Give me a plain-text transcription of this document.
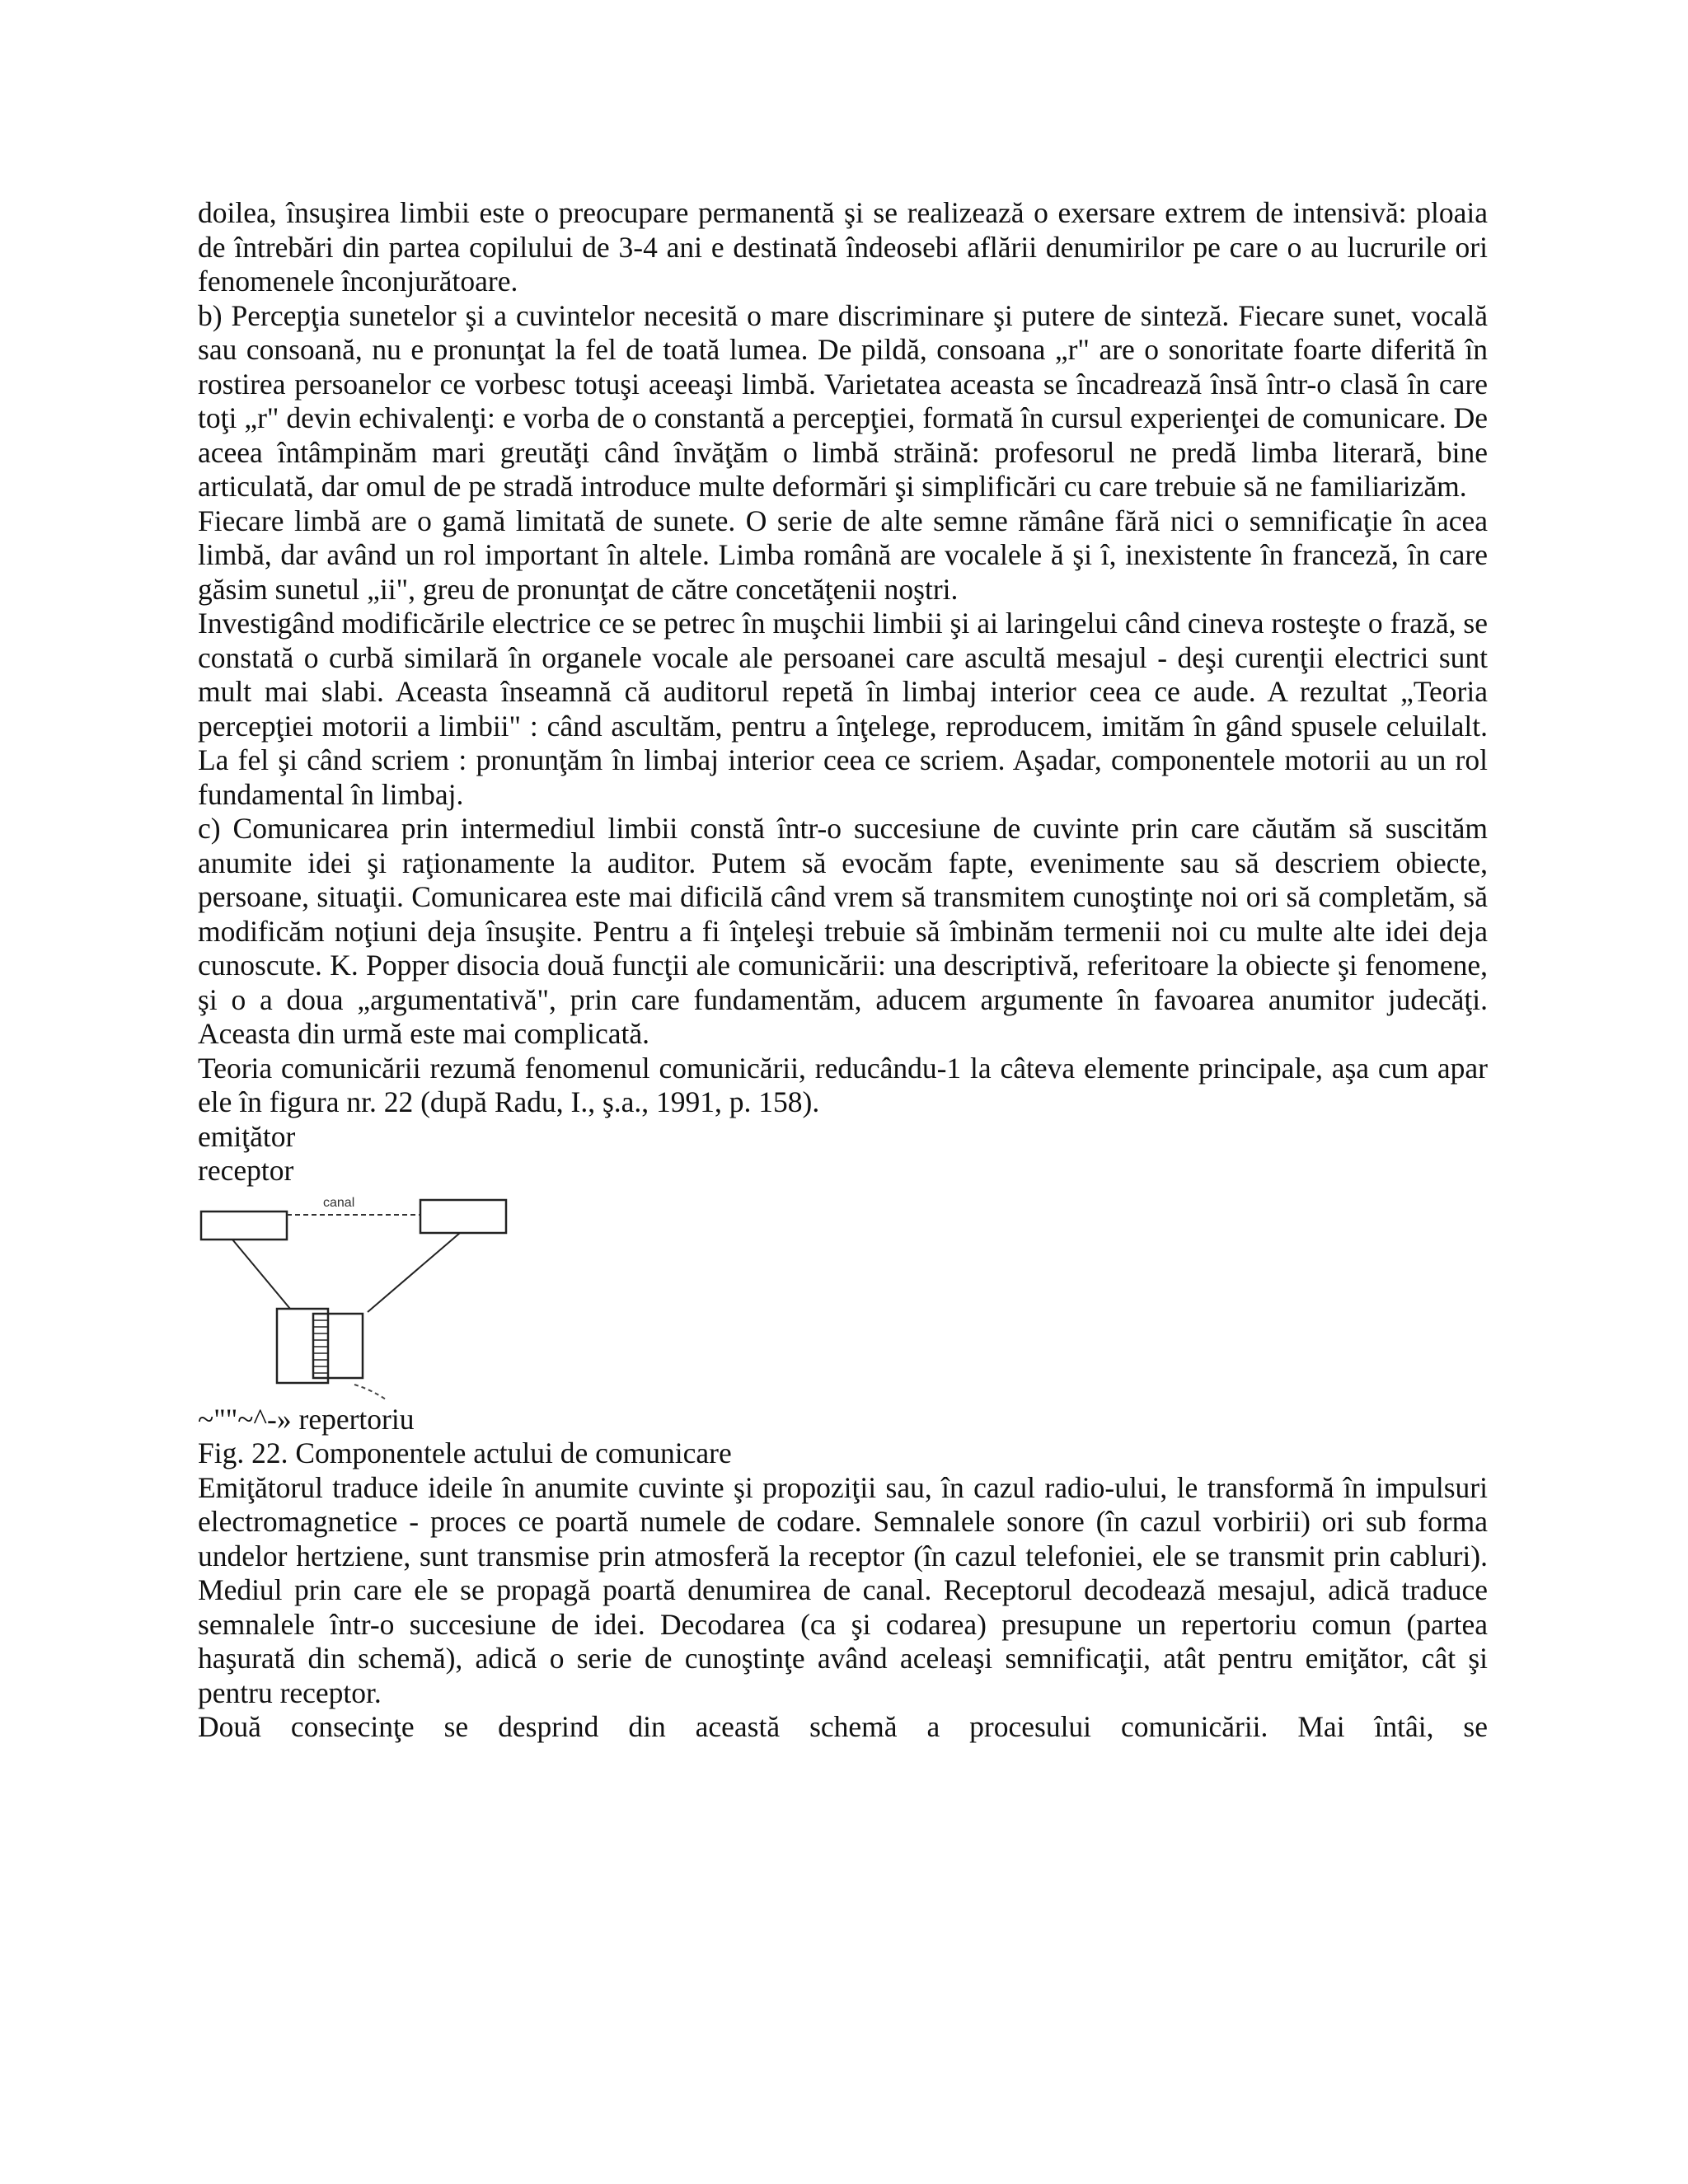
doilea, însuşirea limbii este o preocupare permanentă şi se realizează o exersare extrem de intensivă: ploaia de întrebări din partea copilului de 3-4 ani e destinată îndeosebi aflării denumirilor pe care o au lucrurile ori fenomenele înconjurătoare.

b) Percepţia sunetelor şi a cuvintelor necesită o mare discriminare şi putere de sinteză. Fiecare sunet, vocală sau consoană, nu e pronunţat la fel de toată lumea. De pildă, consoana „r" are o sonoritate foarte diferită în rostirea persoanelor ce vorbesc totuşi aceeaşi limbă. Varietatea aceasta se încadrează însă într-o clasă în care toţi „r" devin echivalenţi: e vorba de o constantă a percepţiei, formată în cursul experienţei de comunicare. De aceea întâmpinăm mari greutăţi când învăţăm o limbă străină: profesorul ne predă limba literară, bine articulată, dar omul de pe stradă introduce multe deformări şi simplificări cu care trebuie să ne familiarizăm.

Fiecare limbă are o gamă limitată de sunete. O serie de alte semne rămâne fără nici o semnificaţie în acea limbă, dar având un rol important în altele. Limba română are vocalele ă şi î, inexistente în franceză, în care găsim sunetul „ii", greu de pronunţat de către concetăţenii noştri.

Investigând modificările electrice ce se petrec în muşchii limbii şi ai laringelui când cineva rosteşte o frază, se constată o curbă similară în organele vocale ale persoanei care ascultă mesajul - deşi curenţii electrici sunt mult mai slabi. Aceasta înseamnă că auditorul repetă în limbaj interior ceea ce aude. A rezultat „Teoria percepţiei motorii a limbii" : când ascultăm, pentru a înţelege, reproducem, imităm în gând spusele celuilalt. La fel şi când scriem : pronunţăm în limbaj interior ceea ce scriem. Aşadar, componentele motorii au un rol fundamental în limbaj.

c) Comunicarea prin intermediul limbii constă într-o succesiune de cuvinte prin care căutăm să suscităm anumite idei şi raţionamente la auditor. Putem să evocăm fapte, evenimente sau să descriem obiecte, persoane, situaţii. Comunicarea este mai dificilă când vrem să transmitem cunoştinţe noi ori să completăm, să modificăm noţiuni deja însuşite. Pentru a fi înţeleşi trebuie să îmbinăm termenii noi cu multe alte idei deja cunoscute. K. Popper disocia două funcţii ale comunicării: una descriptivă, referitoare la obiecte şi fenomene, şi o a doua „argumentativă", prin care fundamentăm, aducem argumente în favoarea anumitor judecăţi. Aceasta din urmă este mai complicată.

Teoria comunicării rezumă fenomenul comunicării, reducându-1 la câteva elemente principale, aşa cum apar ele în figura nr. 22 (după Radu, I., ş.a., 1991, p. 158).

emiţător

receptor

canal

~""~^-» repertoriu

Fig. 22. Componentele actului de comunicare

Emiţătorul traduce ideile în anumite cuvinte şi propoziţii sau, în cazul radio-ului, le transformă în impulsuri electromagnetice - proces ce poartă numele de codare. Semnalele sonore (în cazul vorbirii) ori sub forma undelor hertziene, sunt transmise prin atmosferă la receptor (în cazul telefoniei, ele se transmit prin cabluri). Mediul prin care ele se propagă poartă denumirea de canal. Receptorul decodează mesajul, adică traduce semnalele într-o succesiune de idei. Decodarea (ca şi codarea) presupune un repertoriu comun (partea haşurată din schemă), adică o serie de cunoştinţe având aceleaşi semnificaţii, atât pentru emiţător, cât şi pentru receptor.

Două consecinţe se desprind din această schemă a procesului comunicării. Mai întâi, se
